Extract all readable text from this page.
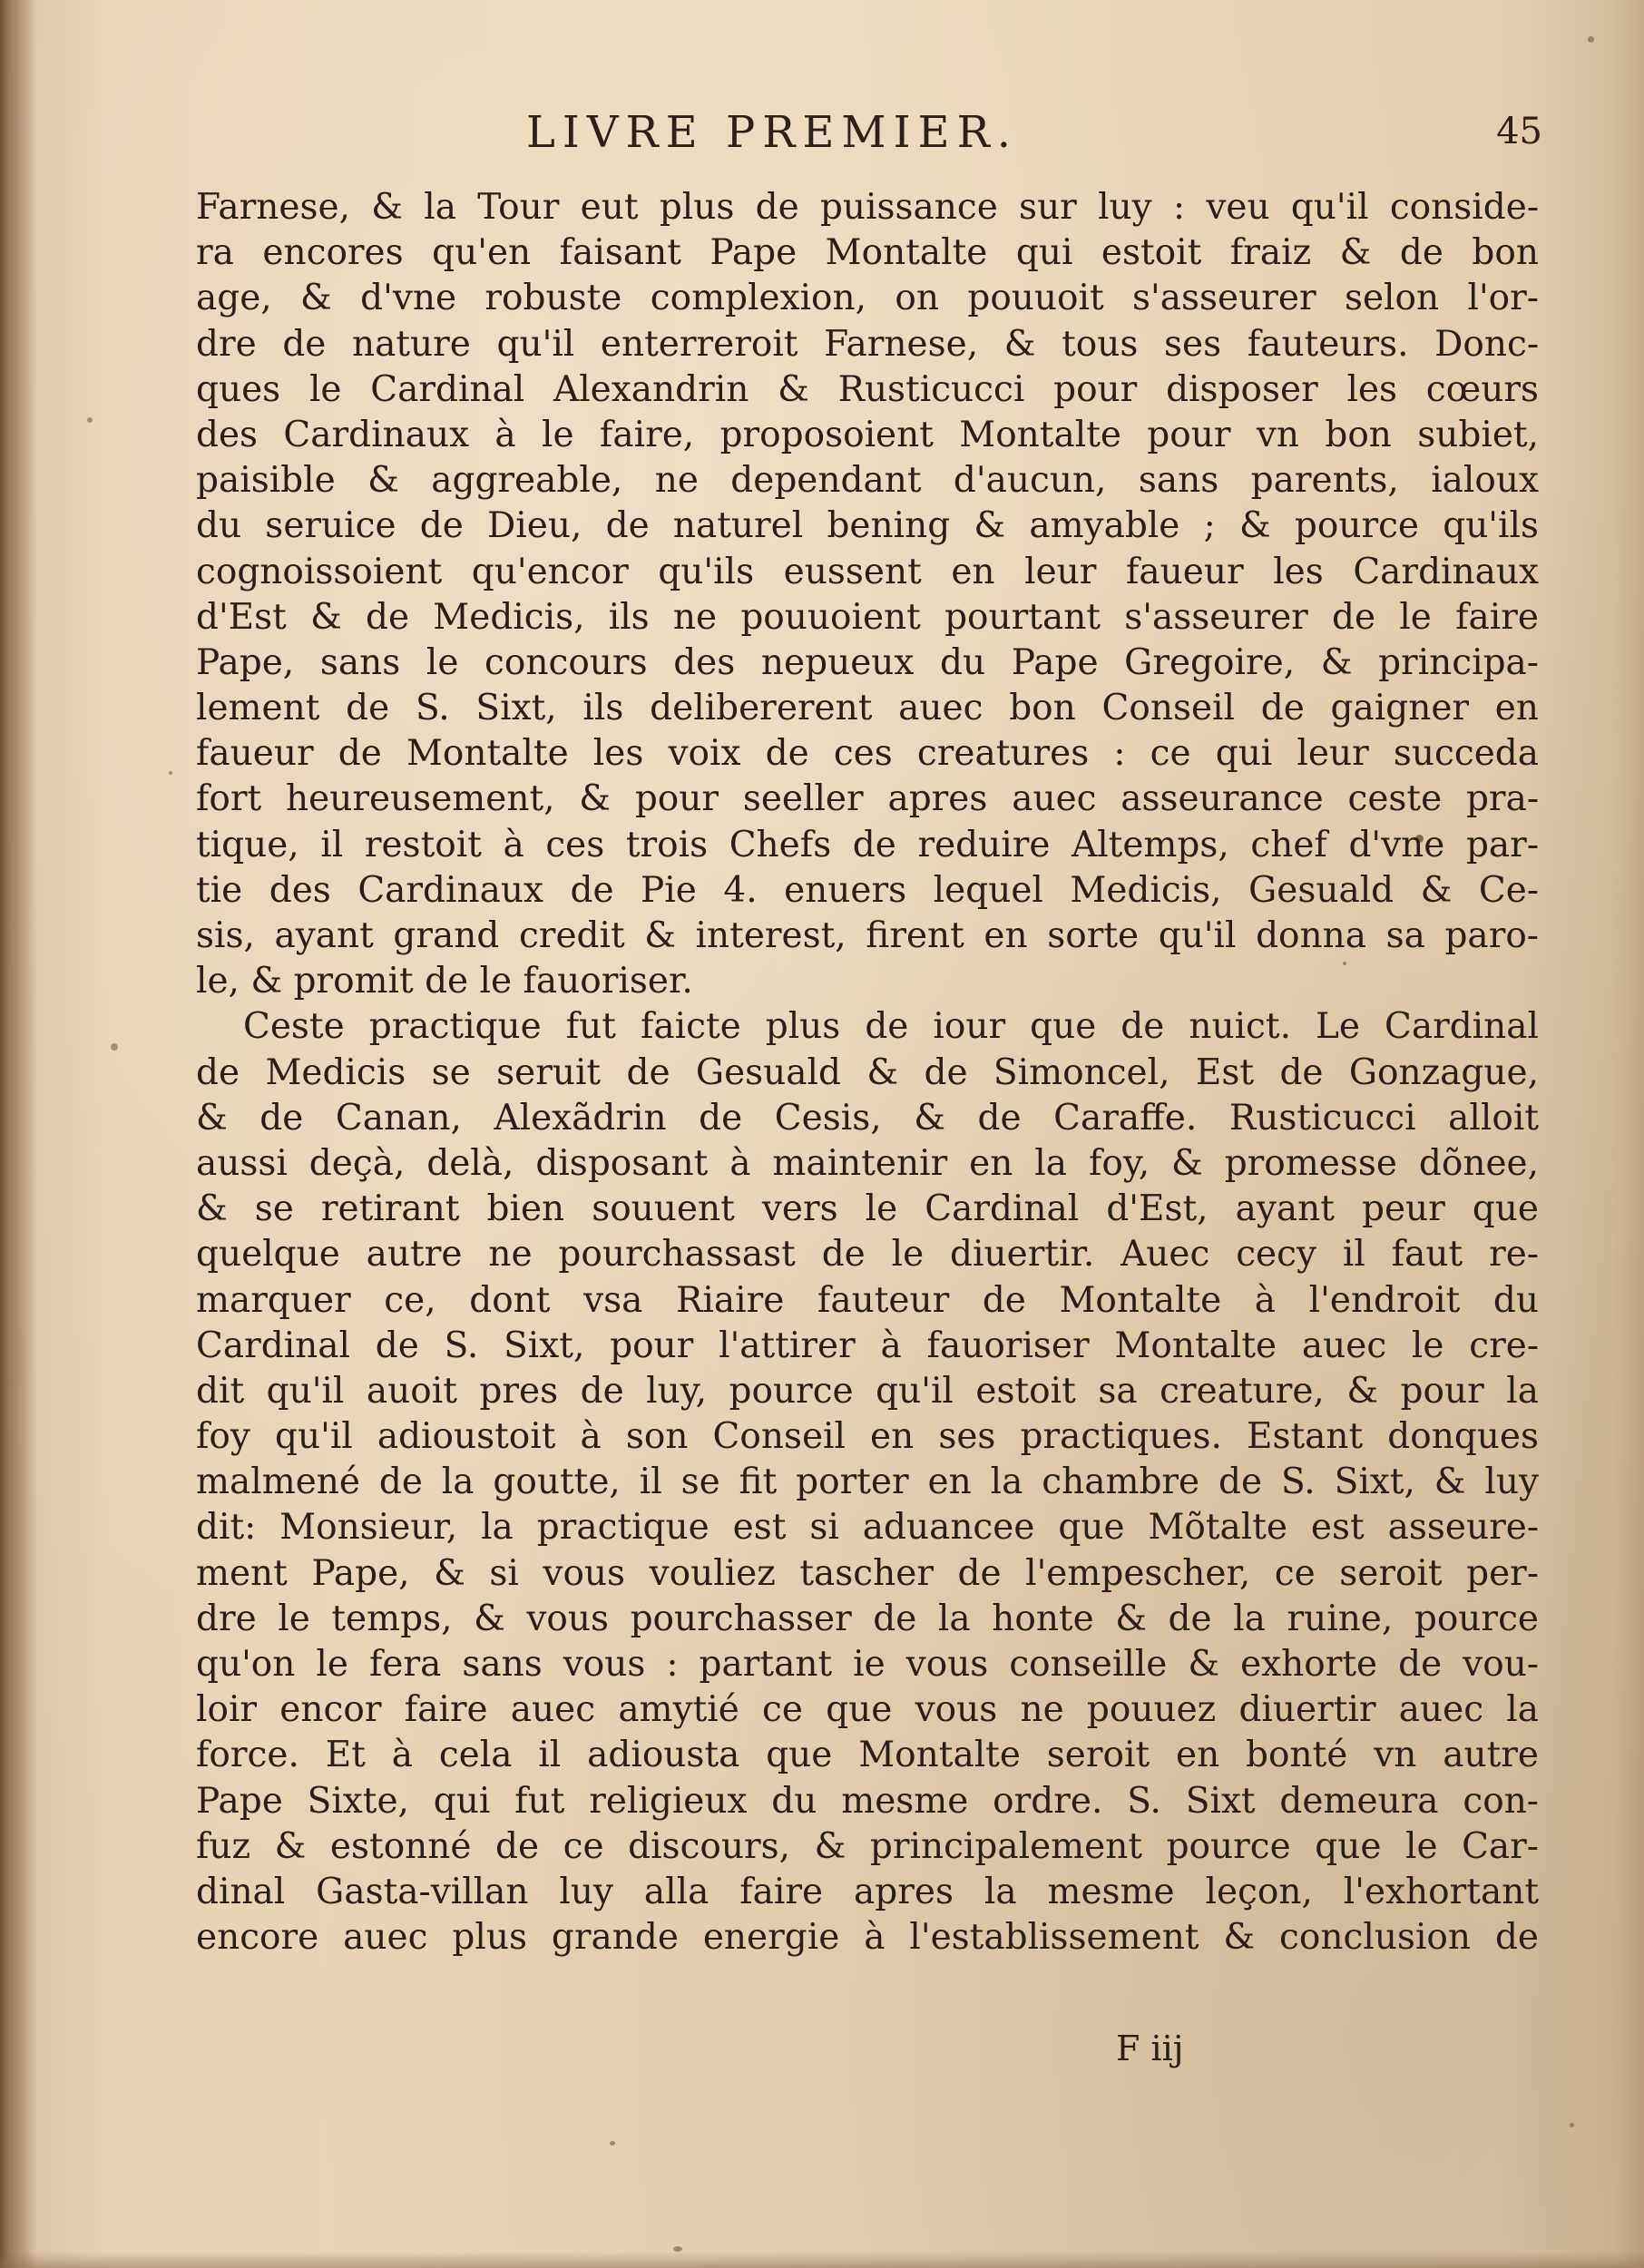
LIVRE PREMIER.	45
Farnese, & la Tour eut plus de puissance sur luy : veu qu'il conside-
ra encores qu'en faisant Pape Montalte qui estoit fraiz & de bon
age, & d'vne robuste complexion, on pouuoit s'asseurer selon l'or-
dre de nature qu'il enterreroit Farnese, & tous ses fauteurs. Donc-
ques le Cardinal Alexandrin & Rusticucci pour disposer les cœurs
des Cardinaux à le faire, proposoient Montalte pour vn bon subiet,
paisible & aggreable, ne dependant d'aucun, sans parents, ialoux
du seruice de Dieu, de naturel bening & amyable ; & pource qu'ils
cognoissoient qu'encor qu'ils eussent en leur faueur les Cardinaux
d'Est & de Medicis, ils ne pouuoient pourtant s'asseurer de le faire
Pape, sans le concours des nepueux du Pape Gregoire, & principa-
lement de S. Sixt, ils delibererent auec bon Conseil de gaigner en
faueur de Montalte les voix de ces creatures : ce qui leur succeda
fort heureusement, & pour seeller apres auec asseurance ceste pra-
tique, il restoit à ces trois Chefs de reduire Altemps, chef d'vne par-
tie des Cardinaux de Pie 4. enuers lequel Medicis, Gesuald & Ce-
sis, ayant grand credit & interest, firent en sorte qu'il donna sa paro-
le, & promit de le fauoriser.
Ceste practique fut faicte plus de iour que de nuict. Le Cardinal
de Medicis se seruit de Gesuald & de Simoncel, Est de Gonzague,
& de Canan, Alexãdrin de Cesis, & de Caraffe. Rusticucci alloit
aussi deçà, delà, disposant à maintenir en la foy, & promesse dõnee,
& se retirant bien souuent vers le Cardinal d'Est, ayant peur que
quelque autre ne pourchassast de le diuertir. Auec cecy il faut re-
marquer ce, dont vsa Riaire fauteur de Montalte à l'endroit du
Cardinal de S. Sixt, pour l'attirer à fauoriser Montalte auec le cre-
dit qu'il auoit pres de luy, pource qu'il estoit sa creature, & pour la
foy qu'il adioustoit à son Conseil en ses practiques. Estant donques
malmené de la goutte, il se fit porter en la chambre de S. Sixt, & luy
dit: Monsieur, la practique est si aduancee que Mõtalte est asseure-
ment Pape, & si vous vouliez tascher de l'empescher, ce seroit per-
dre le temps, & vous pourchasser de la honte & de la ruine, pource
qu'on le fera sans vous : partant ie vous conseille & exhorte de vou-
loir encor faire auec amytié ce que vous ne pouuez diuertir auec la
force. Et à cela il adiousta que Montalte seroit en bonté vn autre
Pape Sixte, qui fut religieux du mesme ordre. S. Sixt demeura con-
fuz & estonné de ce discours, & principalement pource que le Car-
dinal Gasta-villan luy alla faire apres la mesme leçon, l'exhortant
encore auec plus grande energie à l'establissement & conclusion de
F iij
